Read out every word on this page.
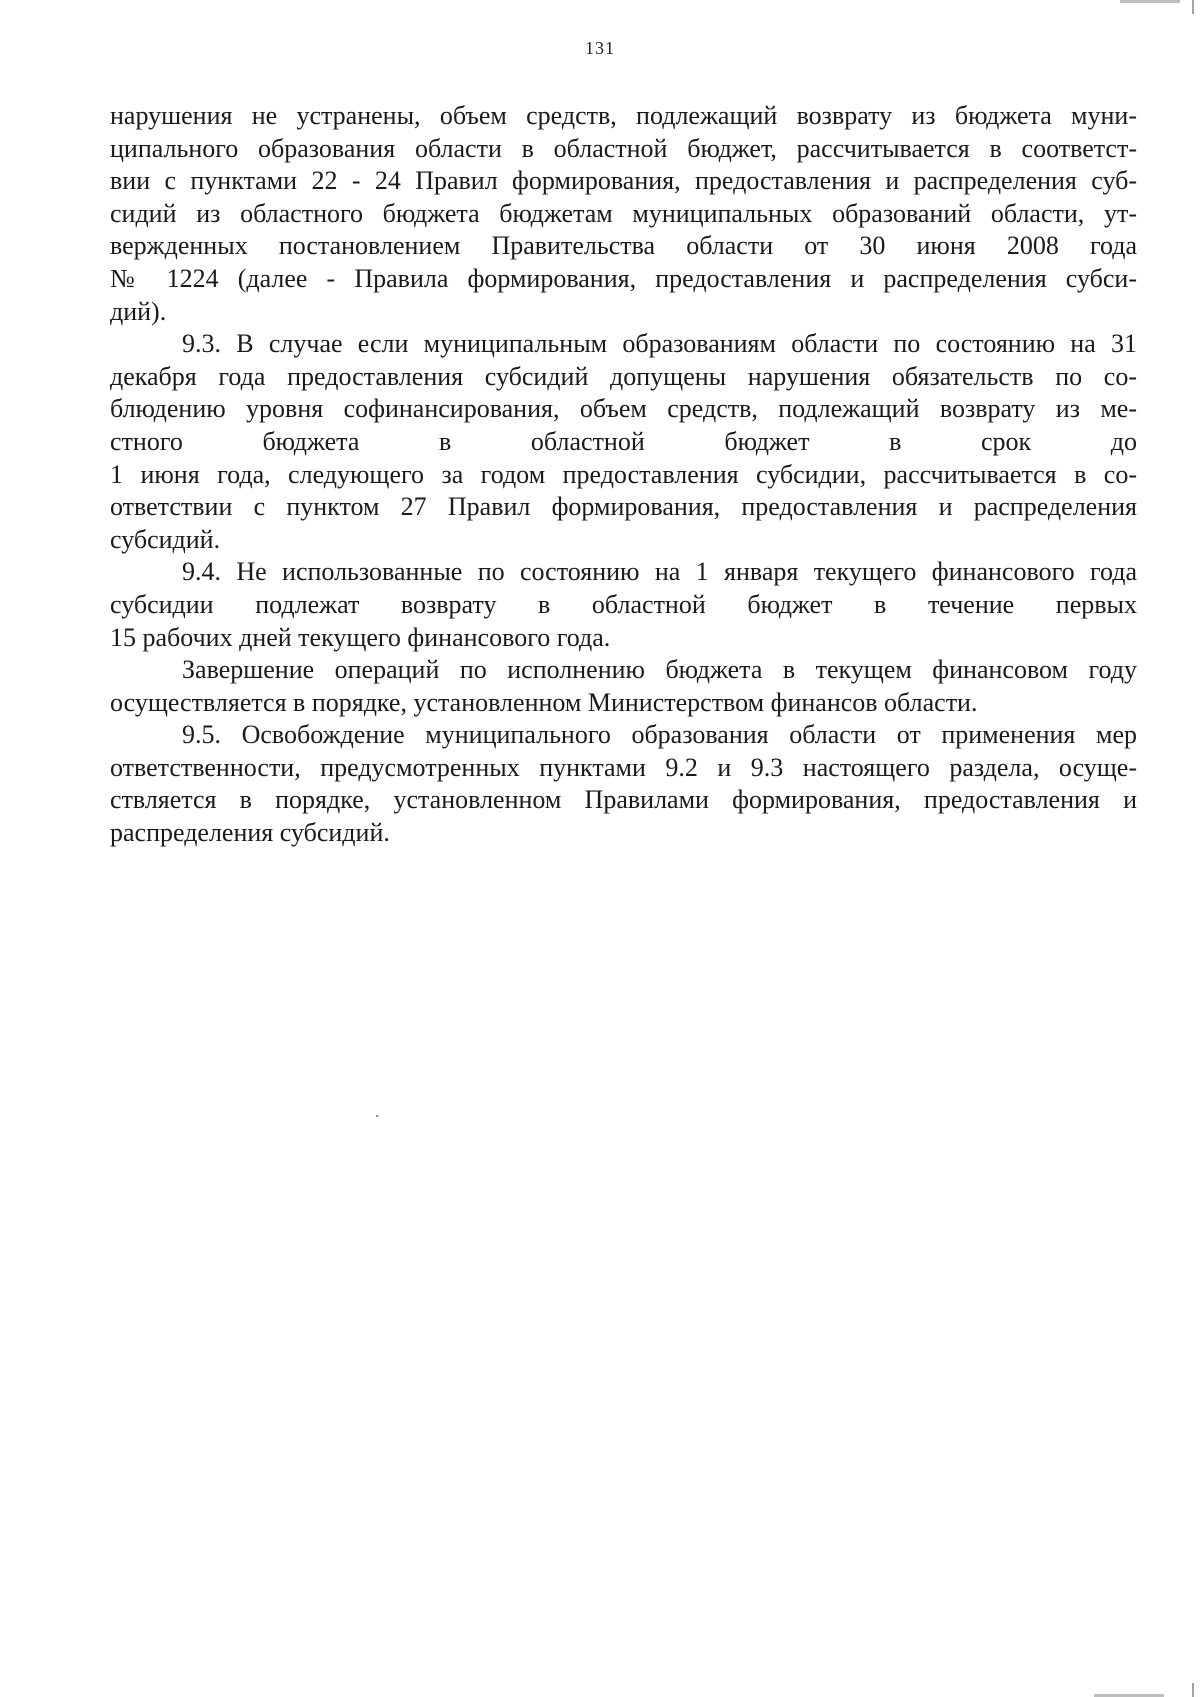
131
нарушения не устранены, объем средств, подлежащий возврату из бюджета муни-
ципального образования области в областной бюджет, рассчитывается в соответст-
вии с пунктами 22 - 24 Правил формирования, предоставления и распределения суб-
сидий из областного бюджета бюджетам муниципальных образований области, ут-
вержденных постановлением Правительства области от 30 июня 2008 года
№ 1224 (далее - Правила формирования, предоставления и распределения субси-
дий).
9.3. В случае если муниципальным образованиям области по состоянию на 31
декабря года предоставления субсидий допущены нарушения обязательств по со-
блюдению уровня софинансирования, объем средств, подлежащий возврату из ме-
стного бюджета в областной бюджет в срок до
1 июня года, следующего за годом предоставления субсидии, рассчитывается в со-
ответствии с пунктом 27 Правил формирования, предоставления и распределения
субсидий.
9.4. Не использованные по состоянию на 1 января текущего финансового года
субсидии подлежат возврату в областной бюджет в течение первых
15 рабочих дней текущего финансового года.
Завершение операций по исполнению бюджета в текущем финансовом году
осуществляется в порядке, установленном Министерством финансов области.
9.5. Освобождение муниципального образования области от применения мер
ответственности, предусмотренных пунктами 9.2 и 9.3 настоящего раздела, осуще-
ствляется в порядке, установленном Правилами формирования, предоставления и
распределения субсидий.
